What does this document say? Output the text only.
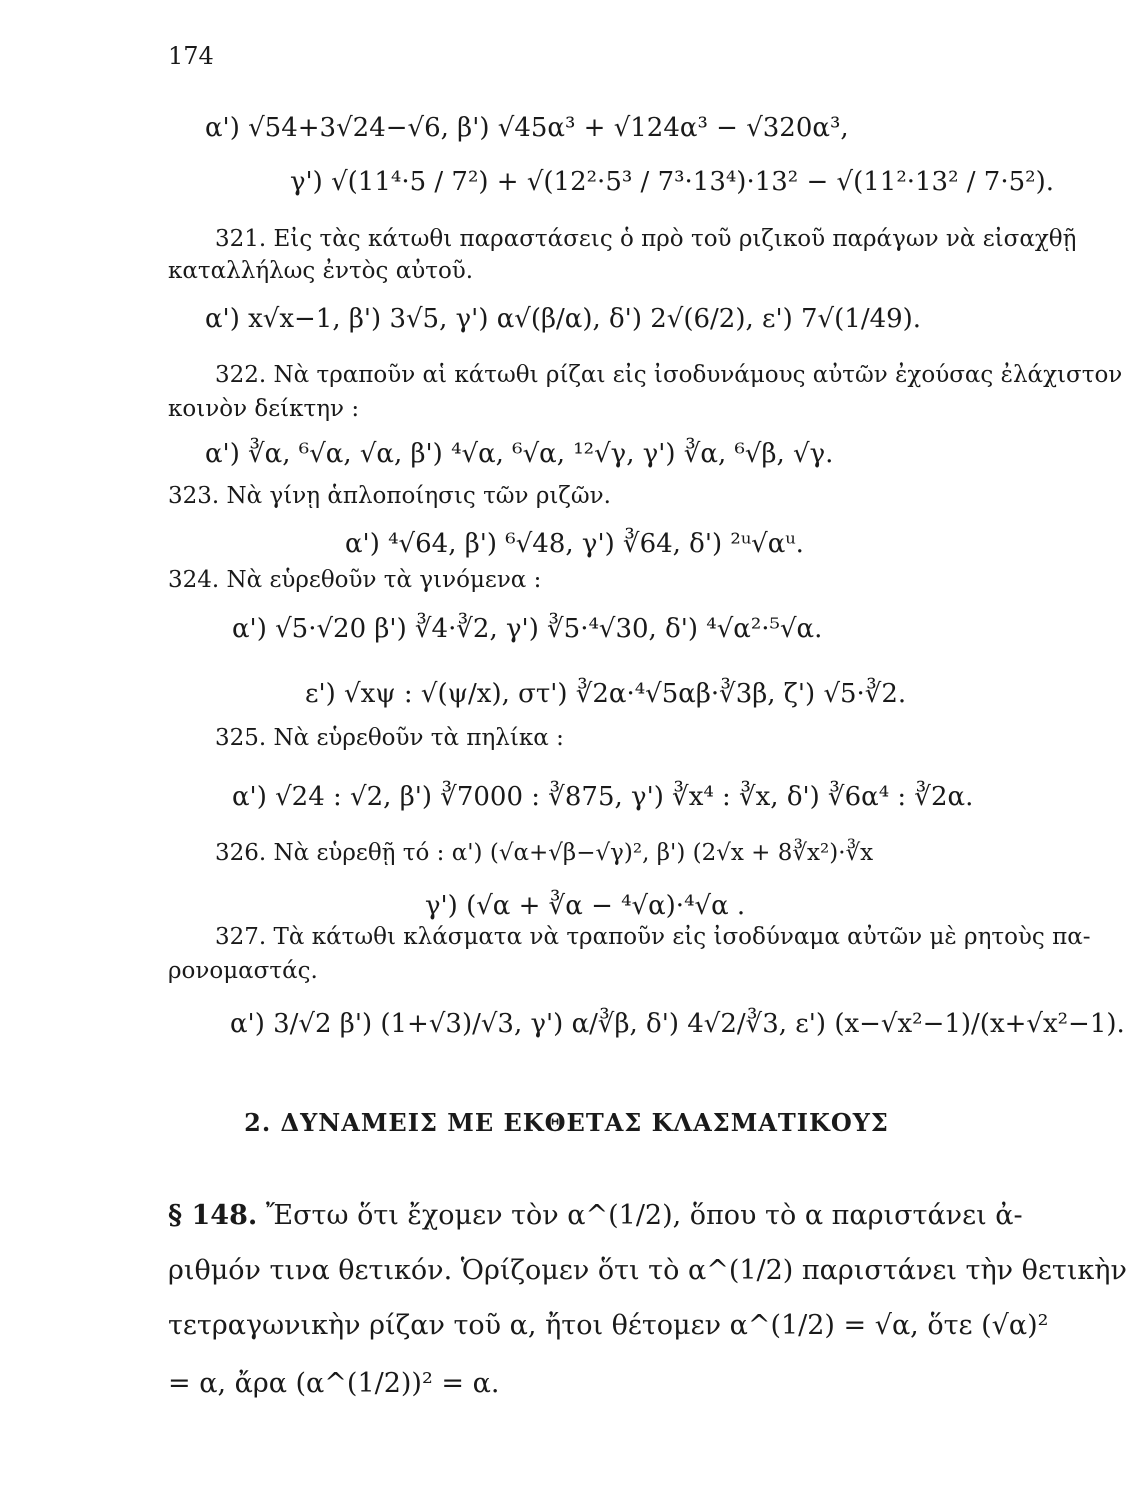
174
α') √54+3√24−√6, β') √45α³ + √124α³ − √320α³,
γ') √(11⁴·5 / 7²) + √(12²·5³ / 7³·13⁴)·13² − √(11²·13² / 7·5²).
321. Εἰς τὰς κάτωθι παραστάσεις ὁ πρὸ τοῦ ριζικοῦ παράγων νὰ εἰσαχθῇ
καταλλήλως ἐντὸς αὐτοῦ.
α') x√x−1, β') 3√5, γ') α√(β/α), δ') 2√(6/2), ε') 7√(1/49).
322. Νὰ τραποῦν αἱ κάτωθι ρίζαι εἰς ἰσοδυνάμους αὐτῶν ἐχούσας ἐλάχιστον
κοινὸν δείκτην :
α') ∛α, ⁶√α, √α, β') ⁴√α, ⁶√α, ¹²√γ, γ') ∛α, ⁶√β, √γ.
323. Νὰ γίνῃ ἁπλοποίησις τῶν ριζῶν.
α') ⁴√64, β') ⁶√48, γ') ∛64, δ') ²ᵘ√αᵘ.
324. Νὰ εὑρεθοῦν τὰ γινόμενα :
α') √5·√20 β') ∛4·∛2, γ') ∛5·⁴√30, δ') ⁴√α²·⁵√α.
ε') √xψ : √(ψ/x), στ') ∛2α·⁴√5αβ·∛3β, ζ') √5·∛2.
325. Νὰ εὑρεθοῦν τὰ πηλίκα :
α') √24 : √2, β') ∛7000 : ∛875, γ') ∛x⁴ : ∛x, δ') ∛6α⁴ : ∛2α.
326. Νὰ εὑρεθῇ τό : α') (√α+√β−√γ)², β') (2√x + 8∛x²)·∛x
γ') (√α + ∛α − ⁴√α)·⁴√α .
327. Τὰ κάτωθι κλάσματα νὰ τραποῦν εἰς ἰσοδύναμα αὐτῶν μὲ ρητοὺς πα-
ρονομαστάς.
α') 3/√2 β') (1+√3)/√3, γ') α/∛β, δ') 4√2/∛3, ε') (x−√x²−1)/(x+√x²−1).
2. ΔΥΝΑΜΕΙΣ ΜΕ ΕΚΘΕΤΑΣ ΚΛΑΣΜΑΤΙΚΟΥΣ
§ 148. Ἔστω ὅτι ἔχομεν τὸν α^(1/2), ὅπου τὸ α παριστάνει ἀ-
ριθμόν τινα θετικόν. Ὁρίζομεν ὅτι τὸ α^(1/2) παριστάνει τὴν θετικὴν
τετραγωνικὴν ρίζαν τοῦ α, ἤτοι θέτομεν α^(1/2) = √α, ὅτε (√α)²
= α, ἄρα (α^(1/2))² = α.
